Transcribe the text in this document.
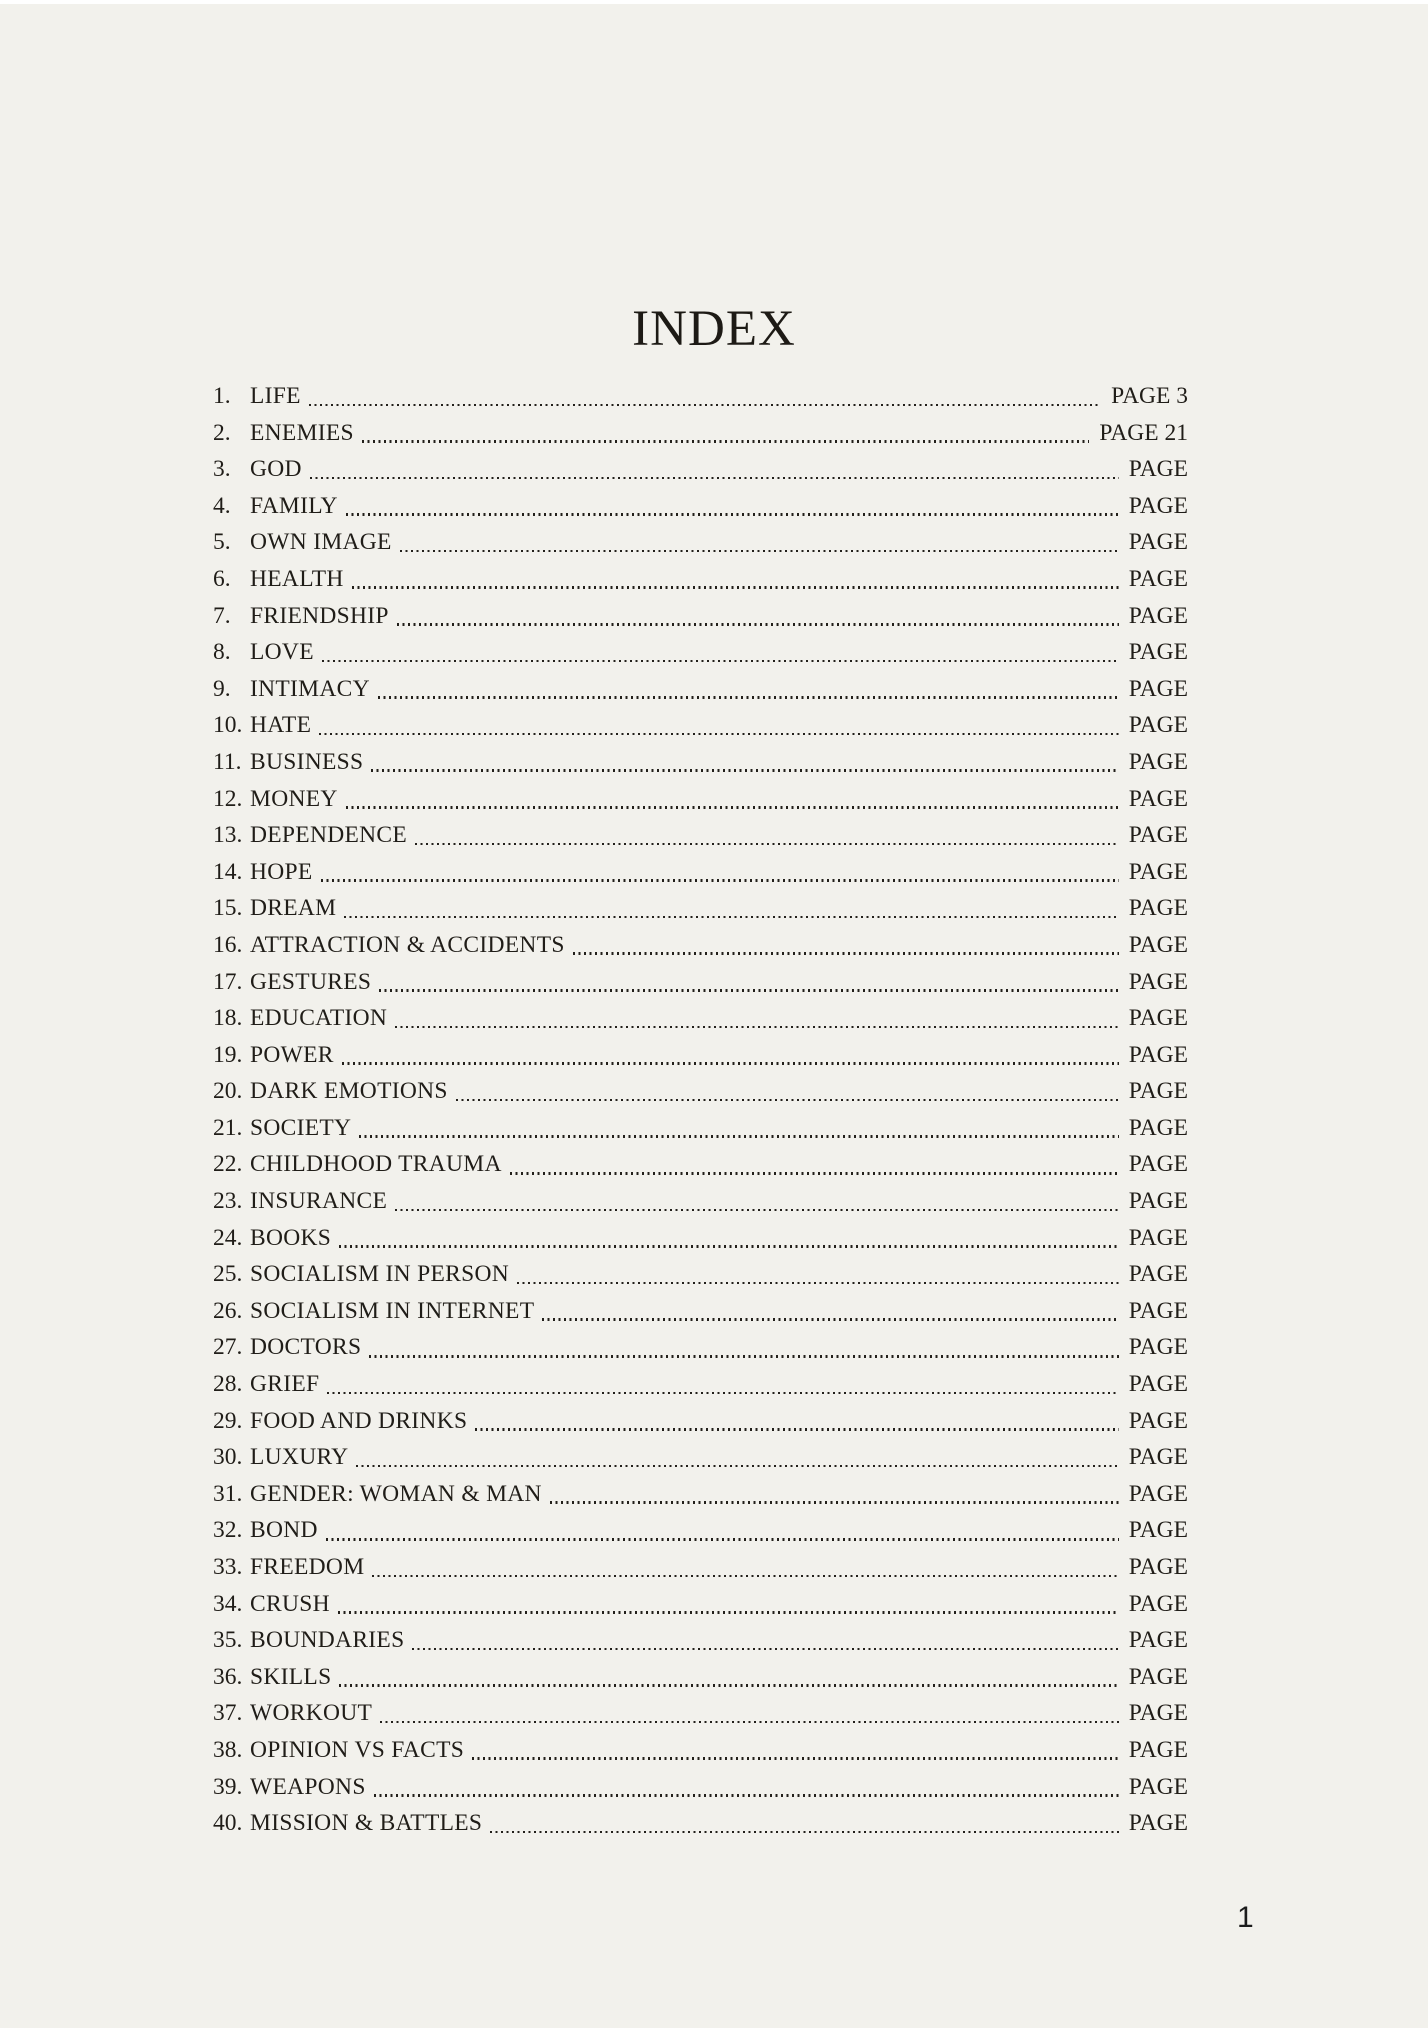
INDEX
1. LIFE	PAGE 3
2. ENEMIES	PAGE 21
3. GOD	PAGE
4. FAMILY	PAGE
5. OWN IMAGE	PAGE
6. HEALTH	PAGE
7. FRIENDSHIP	PAGE
8. LOVE	PAGE
9. INTIMACY	PAGE
10. HATE	PAGE
11. BUSINESS	PAGE
12. MONEY	PAGE
13. DEPENDENCE	PAGE
14. HOPE	PAGE
15. DREAM	PAGE
16. ATTRACTION & ACCIDENTS	PAGE
17. GESTURES	PAGE
18. EDUCATION	PAGE
19. POWER	PAGE
20. DARK EMOTIONS	PAGE
21. SOCIETY	PAGE
22. CHILDHOOD TRAUMA	PAGE
23. INSURANCE	PAGE
24. BOOKS	PAGE
25. SOCIALISM IN PERSON	PAGE
26. SOCIALISM IN INTERNET	PAGE
27. DOCTORS	PAGE
28. GRIEF	PAGE
29. FOOD AND DRINKS	PAGE
30. LUXURY	PAGE
31. GENDER: WOMAN & MAN	PAGE
32. BOND	PAGE
33. FREEDOM	PAGE
34. CRUSH	PAGE
35. BOUNDARIES	PAGE
36. SKILLS	PAGE
37. WORKOUT	PAGE
38. OPINION VS FACTS	PAGE
39. WEAPONS	PAGE
40. MISSION & BATTLES	PAGE
1
